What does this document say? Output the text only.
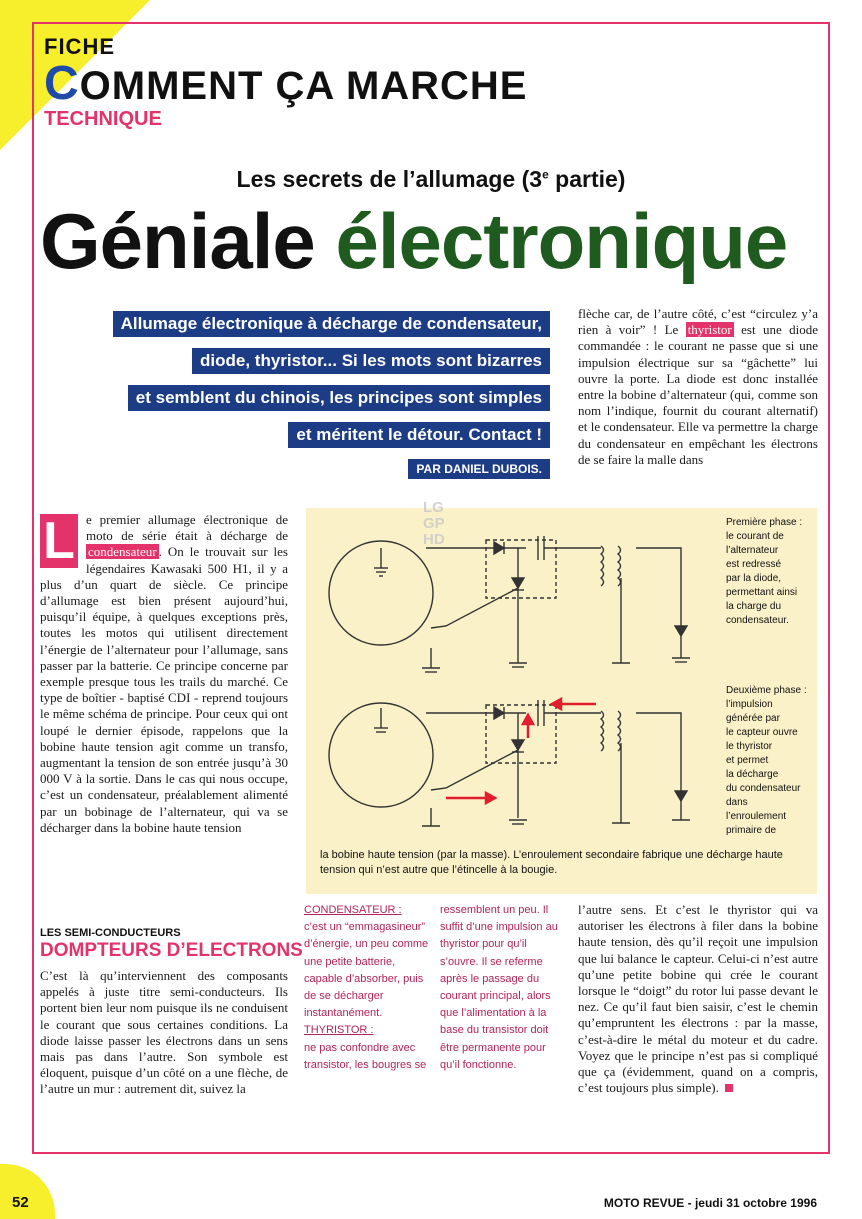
FICHE
COMMENT ÇA MARCHE
TECHNIQUE
Les secrets de l’allumage (3e partie)
Géniale électronique
Allumage électronique à décharge de condensateur,
diode, thyristor... Si les mots sont bizarres
et semblent du chinois, les principes sont simples
et méritent le détour. Contact !
PAR DANIEL DUBOIS.

flèche car, de l’autre côté, c’est “circulez y’a rien à voir” ! Le thyristor est une diode commandée : le courant ne passe que si une impulsion électrique sur sa “gâchette” lui ouvre la porte. La diode est donc installée entre la bobine d’alternateur (qui, comme son nom l’indique, fournit du courant alternatif) et le condensateur. Elle va permettre la charge du condensateur en empêchant les électrons de se faire la malle dans

L e premier allumage électronique de moto de série était à décharge de condensateur . On le trouvait sur les légendaires Kawasaki 500 H1, il y a plus d’un quart de siècle. Ce principe d’allumage est bien présent aujourd’hui, puisqu’il équipe, à quelques exceptions près, toutes les motos qui utilisent directement l’énergie de l’alternateur pour l’allumage, sans passer par la batterie. Ce principe concerne par exemple presque tous les trails du marché. Ce type de boîtier - baptisé CDI - reprend toujours le même schéma de principe. Pour ceux qui ont loupé le dernier épisode, rappelons que la bobine haute tension agit comme un transfo, augmentant la tension de son entrée jusqu’à 30 000 V à la sortie. Dans le cas qui nous occupe, c’est un condensateur, préalablement alimenté par un bobinage de l’alternateur, qui va se décharger dans la bobine haute tension

LES SEMI-CONDUCTEURS
DOMPTEURS D’ELECTRONS

C’est là qu’interviennent des composants appelés à juste titre semi-conducteurs. Ils portent bien leur nom puisque ils ne conduisent le courant que sous certaines conditions. La diode laisse passer les électrons dans un sens mais pas dans l’autre. Son symbole est éloquent, puisque d’un côté on a une flèche, de l’autre un mur : autrement dit, suivez la

Première phase :
le courant de
l’alternateur
est redressé
par la diode,
permettant ainsi
la charge du
condensateur.
Deuxième phase :
l’impulsion
générée par
le capteur ouvre
le thyristor
et permet
la décharge
du condensateur
dans
l’enroulement
primaire de
la bobine haute tension (par la masse). L’enroulement secondaire fabrique une décharge haute tension qui n’est autre que l’étincelle à la bougie.
LG
GP
HD

CONDENSATEUR :

c’est un “emmagasineur” d’énergie, un peu comme une petite batterie, capable d’absorber, puis de se décharger instantanément.

THYRISTOR :

ne pas confondre avec transistor, les bougres se

ressemblent un peu. Il suffit d’une impulsion au thyristor pour qu’il s’ouvre. Il se referme après le passage du courant principal, alors que l’alimentation à la base du transistor doit être permanente pour qu’il fonctionne.

l’autre sens. Et c’est le thyristor qui va autoriser les électrons à filer dans la bobine haute tension, dès qu’il reçoit une impulsion que lui balance le capteur. Celui-ci n’est autre qu’une petite bobine qui crée le courant lorsque le “doigt” du rotor lui passe devant le nez. Ce qu’il faut bien saisir, c’est le chemin qu’empruntent les électrons : par la masse, c’est-à-dire le métal du moteur et du cadre. Voyez que le principe n’est pas si compliqué que ça (évidemment, quand on a compris, c’est toujours plus simple).

52	MOTO REVUE - jeudi 31 octobre 1996
